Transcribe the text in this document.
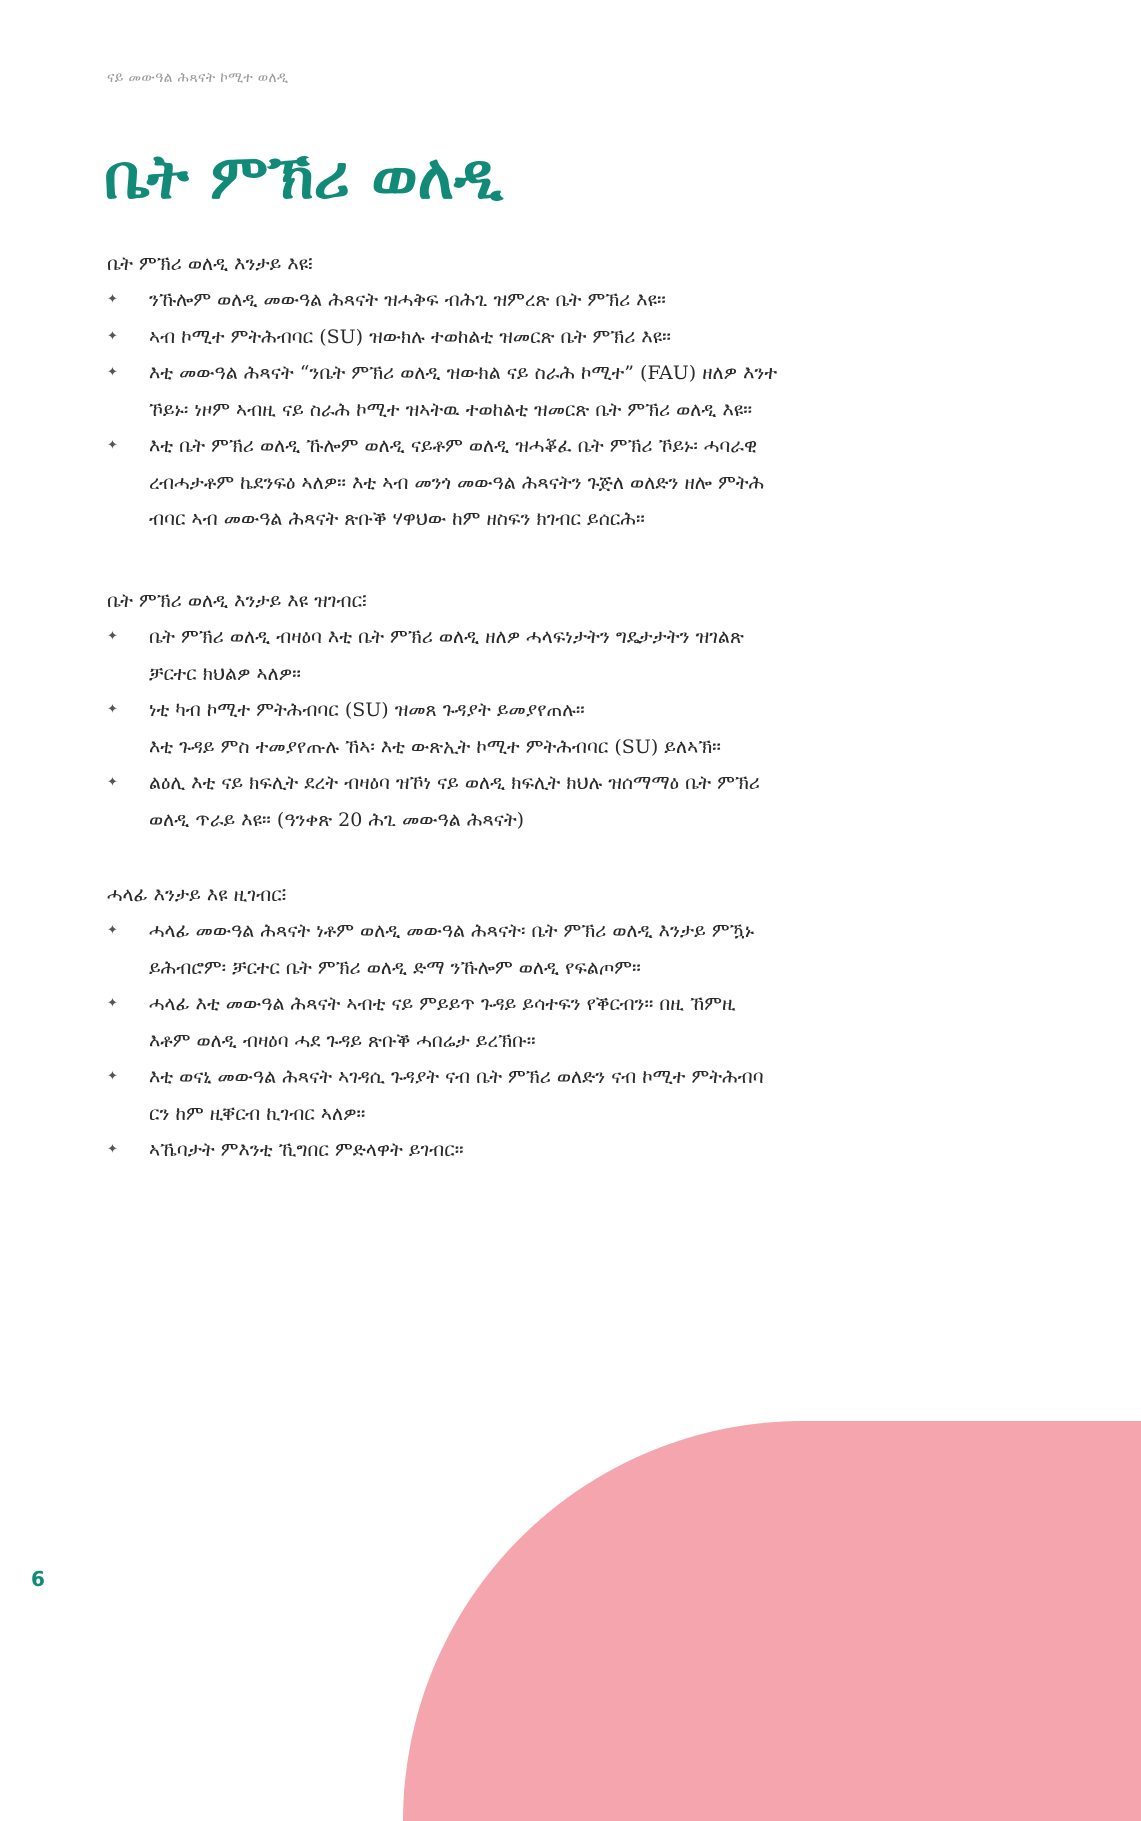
ናይ መውዓል ሕጻናት ኮሚተ ወለዲ
ቤት ምኽሪ ወለዲ

ቤት ምኽሪ ወለዲ እንታይ እዩ፧

✦ ንኹሎም ወለዲ መውዓል ሕጻናት ዝሓቅፍ ብሕጊ ዝምረጽ ቤት ምኽሪ እዩ።
✦ ኣብ ኮሚተ ምትሕብባር (SU) ዝውክሉ ተወከልቲ ዝመርጽ ቤት ምኽሪ እዩ።
✦ እቲ መውዓል ሕጻናት “ንቤት ምኽሪ ወለዲ ዝውክል ናይ ስራሕ ኮሚተ” (FAU) ዘለዎ እንተ
ኾይኑ፡ ነዞም ኣብዚ ናይ ስራሕ ኮሚተ ዝኣትዉ ተወከልቲ ዝመርጽ ቤት ምኽሪ ወለዲ እዩ።
✦ እቲ ቤት ምኽሪ ወለዲ ኹሎም ወለዲ ናይቶም ወለዲ ዝሓቖፈ ቤት ምኽሪ ኾይኑ፡ ሓባራዊ
ረብሓታቶም ኬደንፍዕ ኣለዎ። እቲ ኣብ መንጎ መውዓል ሕጻናትን ጉጅለ ወለድን ዘሎ ምትሕ
ብባር ኣብ መውዓል ሕጻናት ጽቡቕ ሃዋህው ከም ዘስፍን ክገብር ይሰርሕ።

ቤት ምኽሪ ወለዲ እንታይ እዩ ዝገብር፧

✦ ቤት ምኽሪ ወለዲ ብዛዕባ እቲ ቤት ምኽሪ ወለዲ ዘለዎ ሓላፍነታትን ግዴታታትን ዝገልጽ
ቻርተር ክህልዎ ኣለዎ።
✦ ነቲ ካብ ኮሚተ ምትሕብባር (SU) ዝመጸ ጉዳያት ይመያየጠሉ።
እቲ ጉዳይ ምስ ተመያየጡሉ ኸኣ፡ እቲ ውጽኢት ኮሚተ ምትሕብባር (SU) ይለኣኽ።
✦ ልዕሊ እቲ ናይ ክፍሊት ደረት ብዛዕባ ዝኾነ ናይ ወለዲ ክፍሊት ክህሉ ዝሰማማዕ ቤት ምኽሪ
ወለዲ ጥራይ እዩ። (ዓንቀጽ 20 ሕጊ መውዓል ሕጻናት)

ሓላፊ እንታይ እዩ ዚገብር፧

✦ ሓላፊ መውዓል ሕጻናት ነቶም ወለዲ መውዓል ሕጻናት፡ ቤት ምኽሪ ወለዲ እንታይ ምዃኑ
ይሕብሮም፡ ቻርተር ቤት ምኽሪ ወለዲ ድማ ንኹሎም ወለዲ የፍልጦም።
✦ ሓላፊ እቲ መውዓል ሕጻናት ኣብቲ ናይ ምይይጥ ጉዳይ ይሳተፍን የቕርብን። በዚ ኸምዚ
እቶም ወለዲ ብዛዕባ ሓደ ጉዳይ ጽቡቕ ሓበሬታ ይረኽቡ።
✦ እቲ ወናኒ መውዓል ሕጻናት ኣገዳሲ ጉዳያት ናብ ቤት ምኽሪ ወለድን ናብ ኮሚተ ምትሕብባ
ርን ከም ዚቐርብ ኪገብር ኣለዎ።
✦ ኣኼባታት ምእንቲ ኺግበር ምድላዋት ይገብር።
6
